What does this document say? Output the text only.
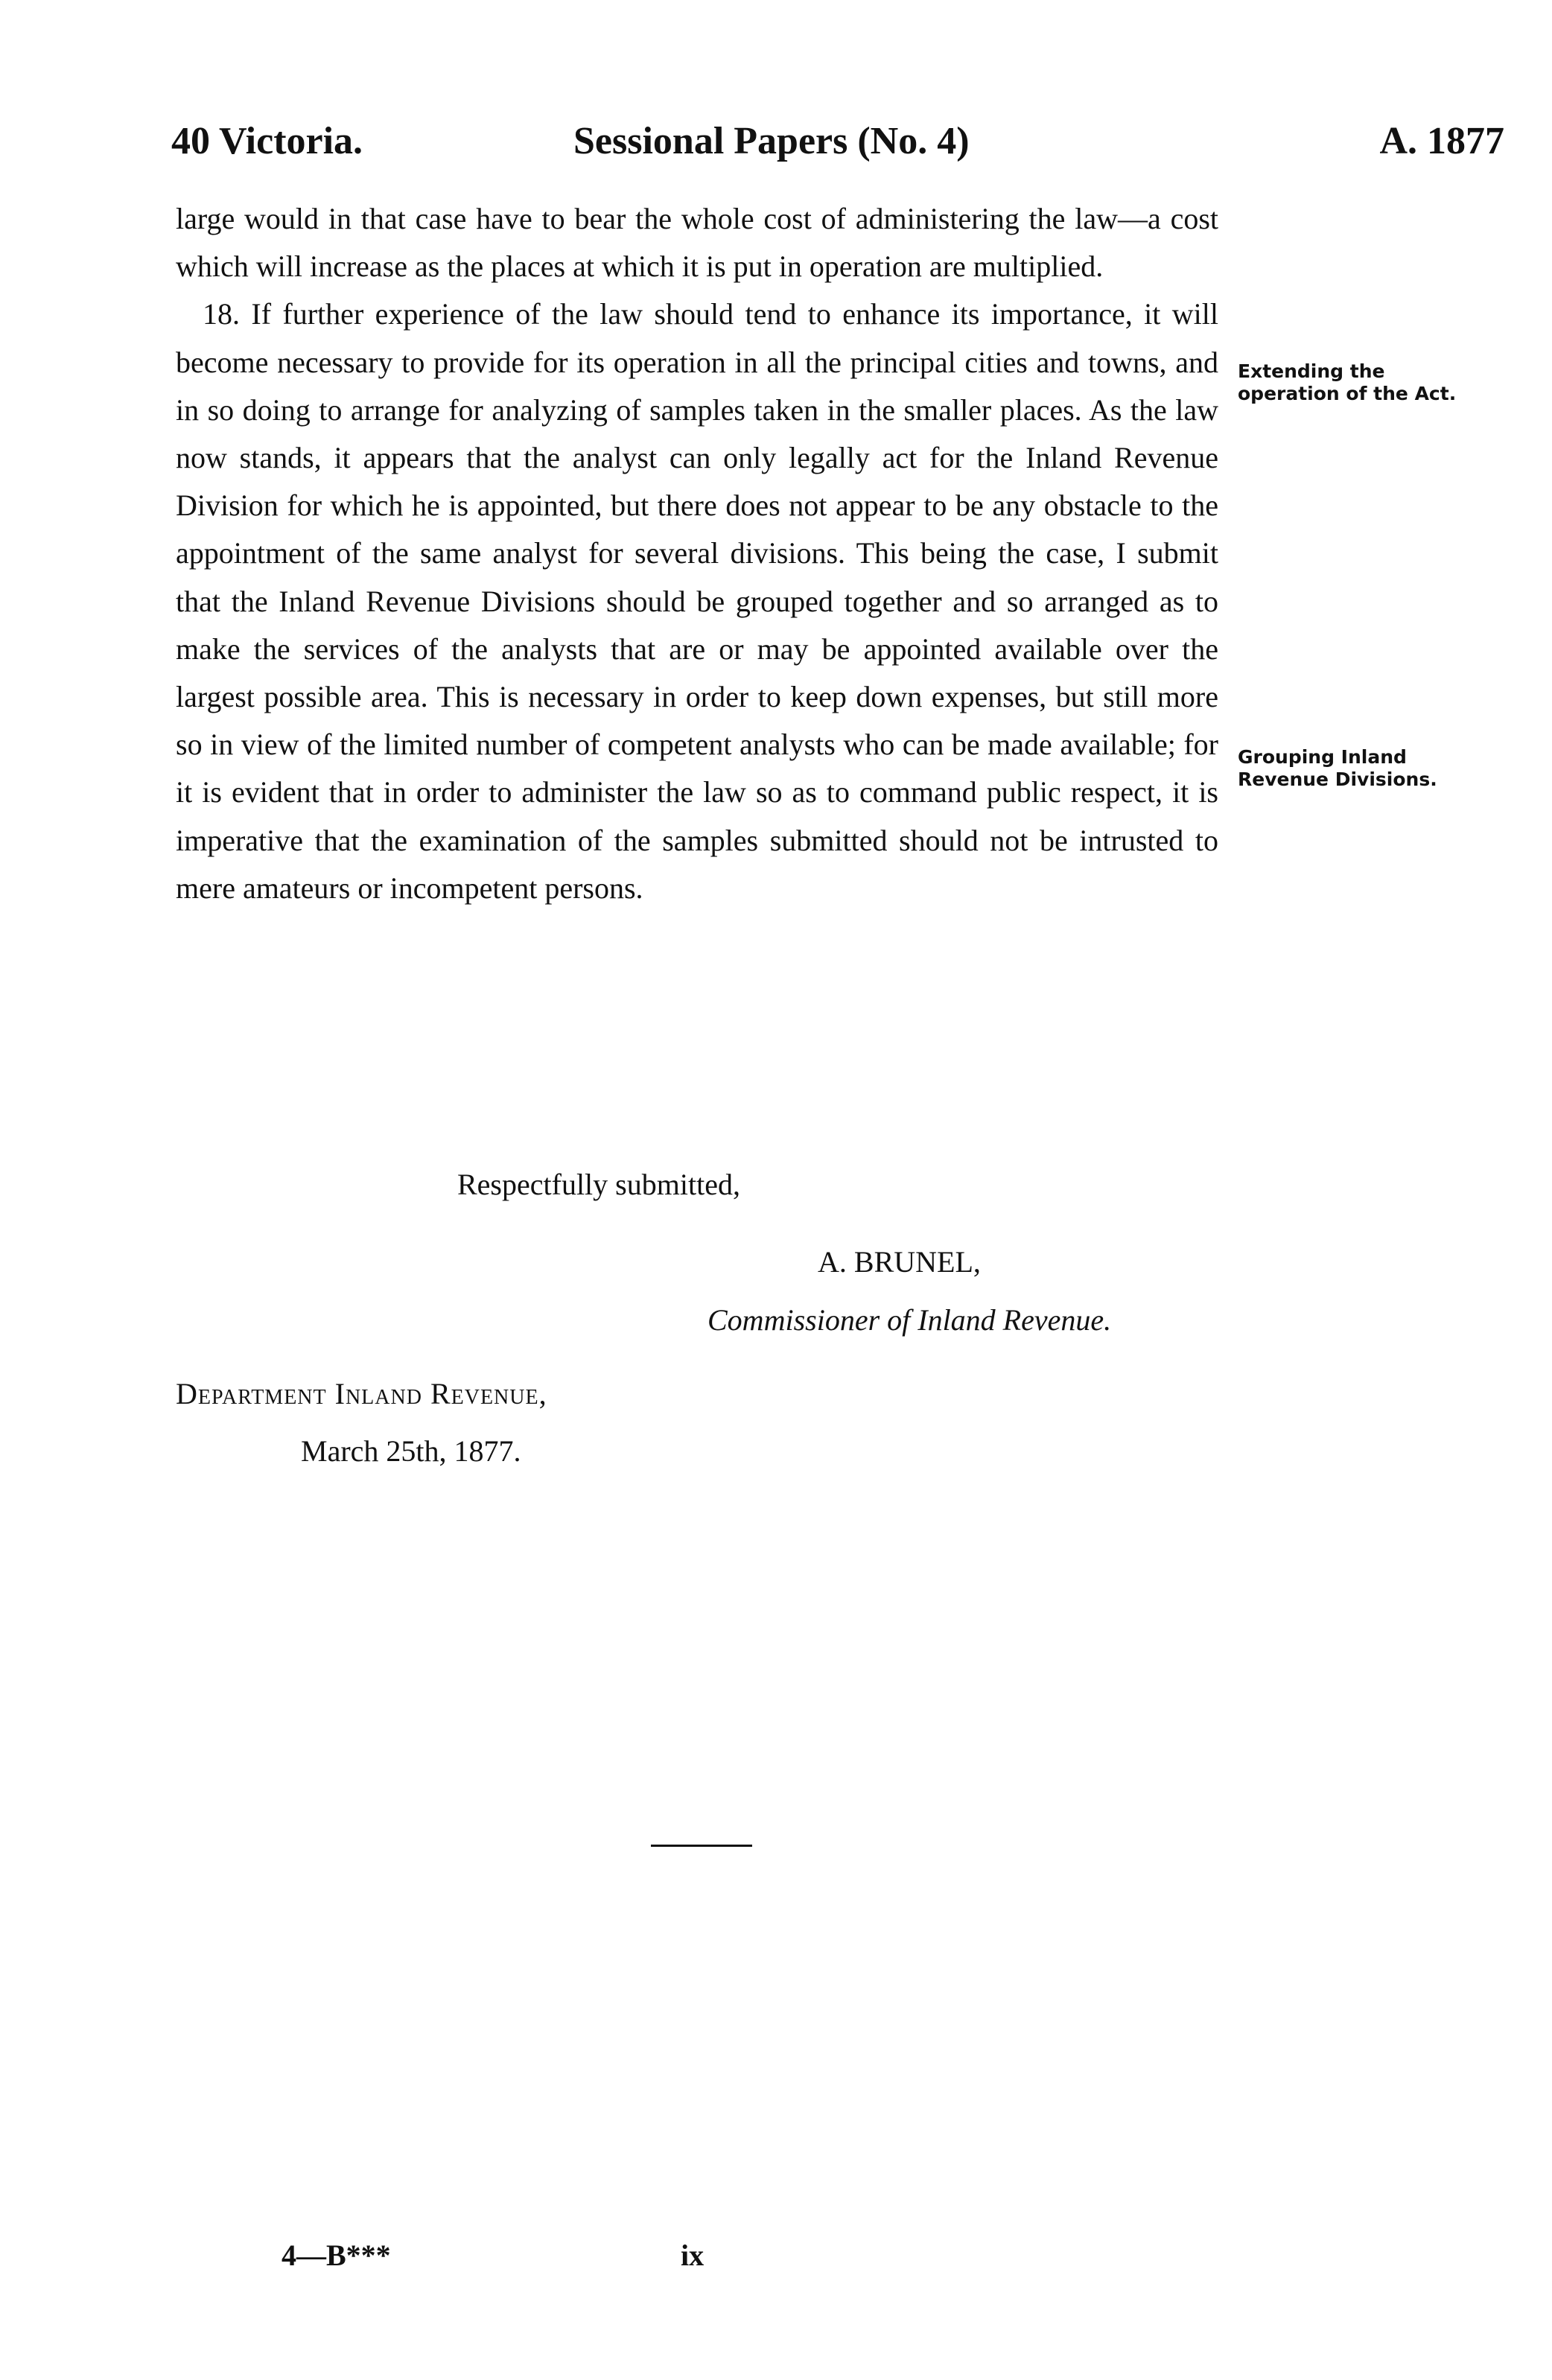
40 Victoria.	Sessional Papers (No. 4)	A. 1877

large would in that case have to bear the whole cost of administering the law—a cost which will increase as the places at which it is put in operation are multiplied.

18. If further experience of the law should tend to enhance its importance, it will become necessary to provide for its operation in all the principal cities and towns, and in so doing to arrange for analyzing of samples taken in the smaller places. As the law now stands, it appears that the analyst can only legally act for the Inland Revenue Division for which he is appointed, but there does not appear to be any obstacle to the appointment of the same analyst for several divisions. This being the case, I submit that the Inland Revenue Divisions should be grouped together and so arranged as to make the services of the analysts that are or may be appointed available over the largest possible area. This is necessary in order to keep down expenses, but still more so in view of the limited number of competent analysts who can be made available; for it is evident that in order to administer the law so as to command public respect, it is imperative that the examination of the samples submitted should not be intrusted to mere amateurs or incompetent persons.

Extending the operation of the Act.
Grouping Inland Revenue Divisions.
Respectfully submitted,
A. BRUNEL,
Commissioner of Inland Revenue.
Department Inland Revenue,
March 25th, 1877.
4—B***	ix
